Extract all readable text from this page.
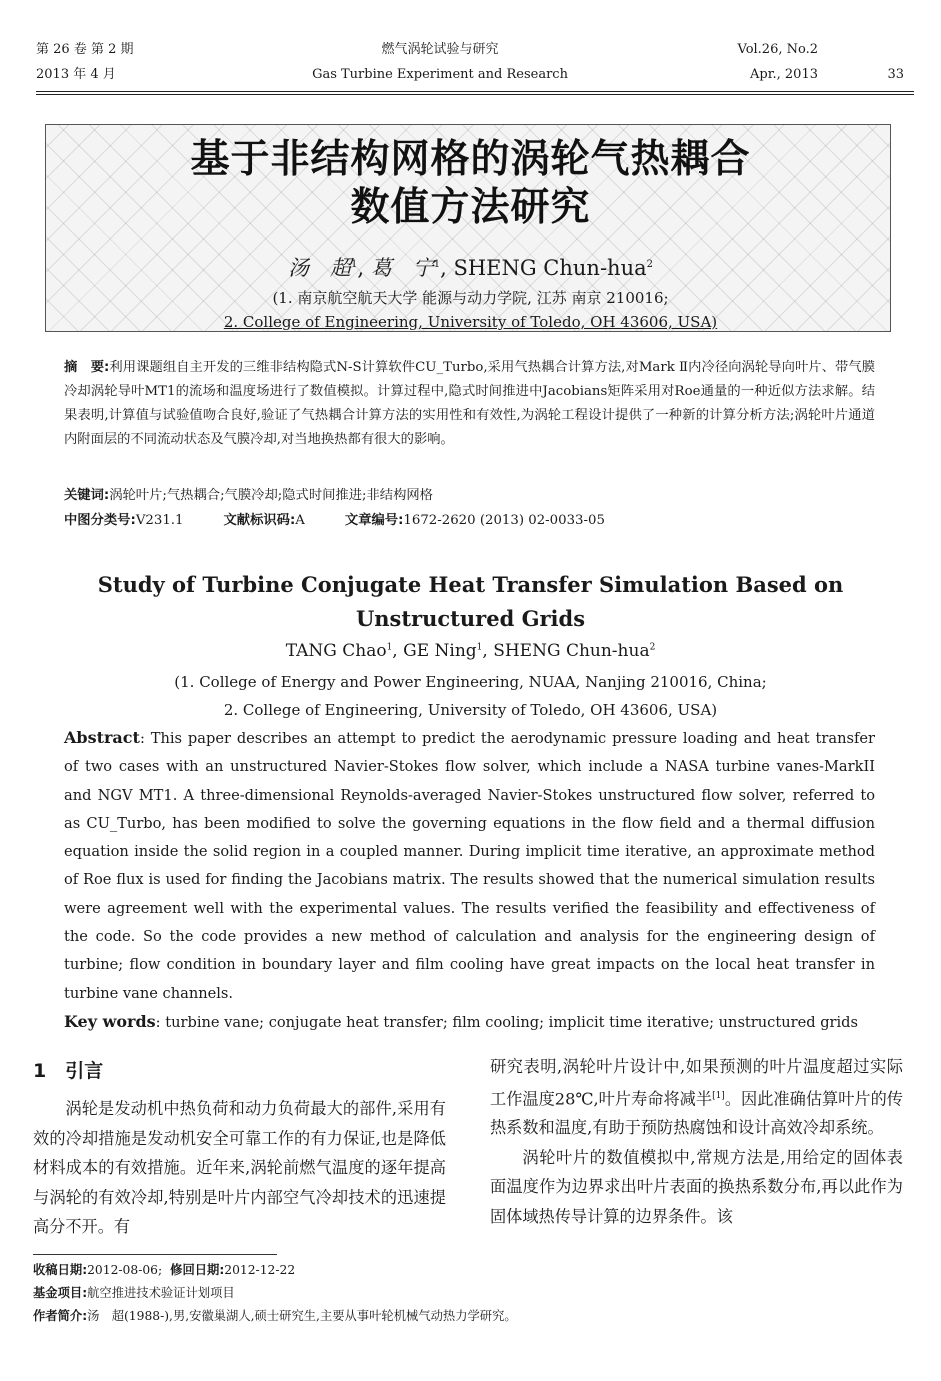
第 26 卷 第 2 期
2013 年 4 月
燃气涡轮试验与研究
Gas Turbine Experiment and Research
Vol.26, No.2
Apr., 2013	33
基于非结构网格的涡轮气热耦合
数值方法研究
汤　超$^1$, 葛　宁$^1$, SHENG Chun-hua$^2$
(1. 南京航空航天大学 能源与动力学院, 江苏 南京 210016;
2. College of Engineering, University of Toledo, OH 43606, USA)
摘　要:利用课题组自主开发的三维非结构隐式N-S计算软件CU_Turbo,采用气热耦合计算方法,对Mark Ⅱ内冷径向涡轮导向叶片、带气膜冷却涡轮导叶MT1的流场和温度场进行了数值模拟。计算过程中,隐式时间推进中Jacobians矩阵采用对Roe通量的一种近似方法求解。结果表明,计算值与试验值吻合良好,验证了气热耦合计算方法的实用性和有效性,为涡轮工程设计提供了一种新的计算分析方法;涡轮叶片通道内附面层的不同流动状态及气膜冷却,对当地换热都有很大的影响。
关键词:涡轮叶片;气热耦合;气膜冷却;隐式时间推进;非结构网格
中图分类号:V231.1	文献标识码:A	文章编号:1672-2620 (2013) 02-0033-05
Study of Turbine Conjugate Heat Transfer Simulation Based on
Unstructured Grids
TANG Chao$^1$, GE Ning$^1$, SHENG Chun-hua$^2$
(1. College of Energy and Power Engineering, NUAA, Nanjing 210016, China;
2. College of Engineering, University of Toledo, OH 43606, USA)
Abstract: This paper describes an attempt to predict the aerodynamic pressure loading and heat transfer of two cases with an unstructured Navier-Stokes flow solver, which include a NASA turbine vanes-MarkII and NGV MT1. A three-dimensional Reynolds-averaged Navier-Stokes unstructured flow solver, referred to as CU_Turbo, has been modified to solve the governing equations in the flow field and a thermal diffusion equation inside the solid region in a coupled manner. During implicit time iterative, an approximate method of Roe flux is used for finding the Jacobians matrix. The results showed that the numerical simulation results were agreement well with the experimental values. The results verified the feasibility and effectiveness of the code. So the code provides a new method of calculation and analysis for the engineering design of turbine; flow condition in boundary layer and film cooling have great impacts on the local heat transfer in turbine vane channels.
Key words: turbine vane; conjugate heat transfer; film cooling; implicit time iterative; unstructured grids
1　引言

涡轮是发动机中热负荷和动力负荷最大的部件,采用有效的冷却措施是发动机安全可靠工作的有力保证,也是降低材料成本的有效措施。近年来,涡轮前燃气温度的逐年提高与涡轮的有效冷却,特别是叶片内部空气冷却技术的迅速提高分不开。有

研究表明,涡轮叶片设计中,如果预测的叶片温度超过实际工作温度28℃,叶片寿命将减半[1]。因此准确估算叶片的传热系数和温度,有助于预防热腐蚀和设计高效冷却系统。

涡轮叶片的数值模拟中,常规方法是,用给定的固体表面温度作为边界求出叶片表面的换热系数分布,再以此作为固体域热传导计算的边界条件。该

收稿日期:2012-08-06; 修回日期:2012-12-22
基金项目:航空推进技术验证计划项目
作者简介:汤　超(1988-),男,安徽巢湖人,硕士研究生,主要从事叶轮机械气动热力学研究。
